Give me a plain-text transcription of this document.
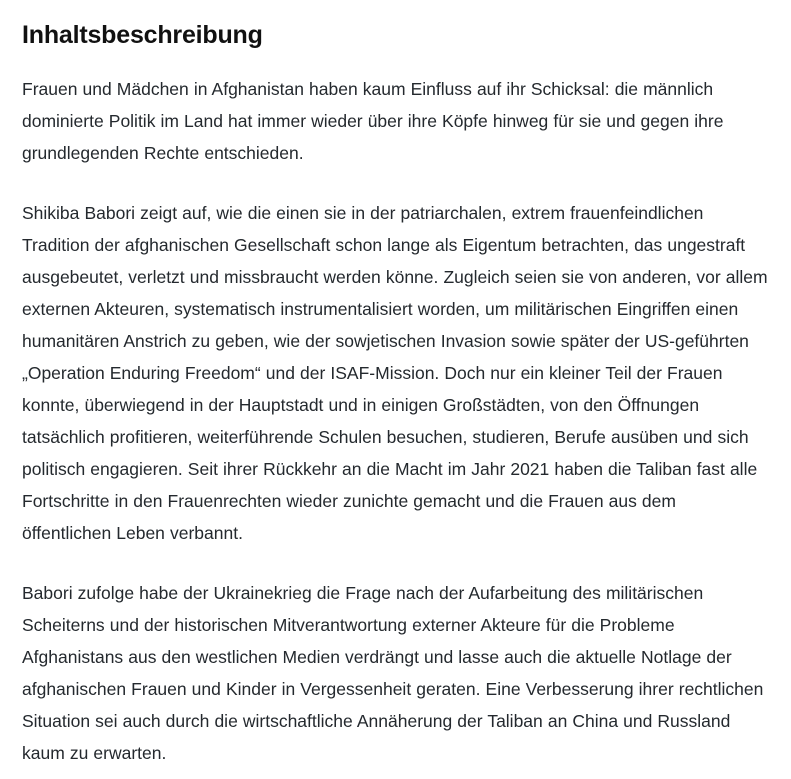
Inhaltsbeschreibung

Frauen und Mädchen in Afghanistan haben kaum Einfluss auf ihr Schicksal: die männlich dominierte Politik im Land hat immer wieder über ihre Köpfe hinweg für sie und gegen ihre grundlegenden Rechte entschieden.

Shikiba Babori zeigt auf, wie die einen sie in der patriarchalen, extrem frauenfeindlichen Tradition der afghanischen Gesellschaft schon lange als Eigentum betrachten, das ungestraft ausgebeutet, verletzt und missbraucht werden könne. Zugleich seien sie von anderen, vor allem externen Akteuren, systematisch instrumentalisiert worden, um militärischen Eingriffen einen humanitären Anstrich zu geben, wie der sowjetischen Invasion sowie später der US-geführten „Operation Enduring Freedom“ und der ISAF-Mission. Doch nur ein kleiner Teil der Frauen konnte, überwiegend in der Hauptstadt und in einigen Großstädten, von den Öffnungen tatsächlich profitieren, weiterführende Schulen besuchen, studieren, Berufe ausüben und sich politisch engagieren. Seit ihrer Rückkehr an die Macht im Jahr 2021 haben die Taliban fast alle Fortschritte in den Frauenrechten wieder zunichte gemacht und die Frauen aus dem öffentlichen Leben verbannt.

Babori zufolge habe der Ukrainekrieg die Frage nach der Aufarbeitung des militärischen Scheiterns und der historischen Mitverantwortung externer Akteure für die Probleme Afghanistans aus den westlichen Medien verdrängt und lasse auch die aktuelle Notlage der afghanischen Frauen und Kinder in Vergessenheit geraten. Eine Verbesserung ihrer rechtlichen Situation sei auch durch die wirtschaftliche Annäherung der Taliban an China und Russland kaum zu erwarten.
